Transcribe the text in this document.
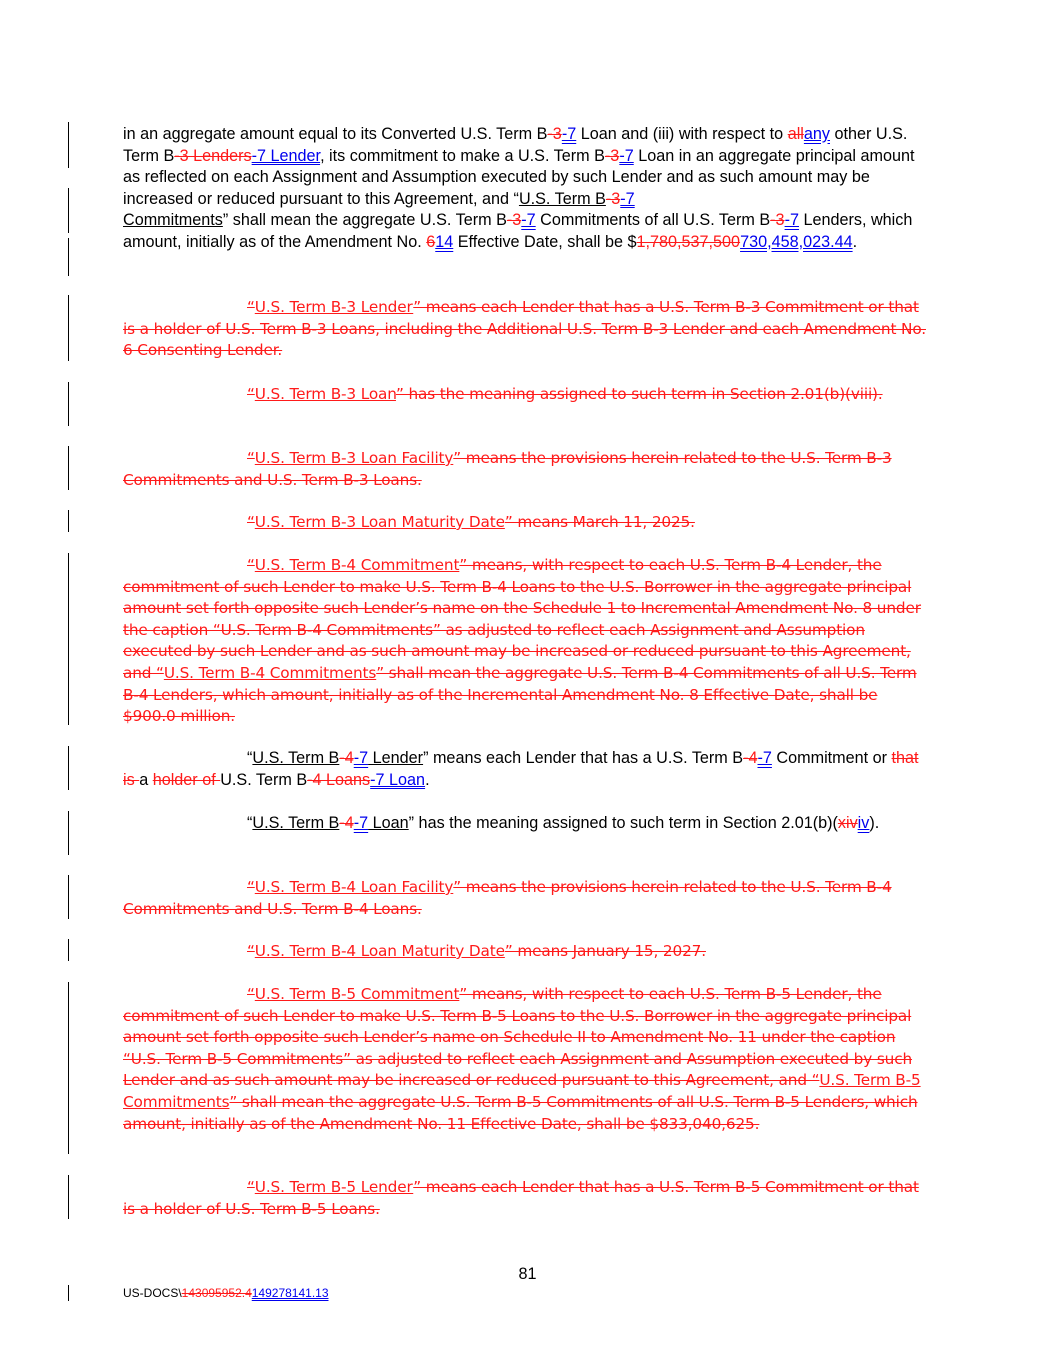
in an aggregate amount equal to its Converted U.S. Term B-3-7 Loan and (iii) with respect to allany other U.S. Term B-3 Lenders-7 Lender, its commitment to make a U.S. Term B-3-7 Loan in an aggregate principal amount as reflected on each Assignment and Assumption executed by such Lender and as such amount may be increased or reduced pursuant to this Agreement, and “U.S. Term B-3-7
Commitments” shall mean the aggregate U.S. Term B-3-7 Commitments of all U.S. Term B-3-7 Lenders, which amount, initially as of the Amendment No. 614 Effective Date, shall be $1,780,537,500730,458,023.44.

“U.S. Term B-3 Lender” means each Lender that has a U.S. Term B-3 Commitment or that is a holder of U.S. Term B-3 Loans, including the Additional U.S. Term B-3 Lender and each Amendment No. 6 Consenting Lender.

“U.S. Term B-3 Loan” has the meaning assigned to such term in Section 2.01(b)(viii).

“U.S. Term B-3 Loan Facility” means the provisions herein related to the U.S. Term B-3 Commitments and U.S. Term B-3 Loans.

“U.S. Term B-3 Loan Maturity Date” means March 11, 2025.

“U.S. Term B-4 Commitment” means, with respect to each U.S. Term B-4 Lender, the commitment of such Lender to make U.S. Term B-4 Loans to the U.S. Borrower in the aggregate principal amount set forth opposite such Lender’s name on the Schedule 1 to Incremental Amendment No. 8 under the caption “U.S. Term B-4 Commitments” as adjusted to reflect each Assignment and Assumption executed by such Lender and as such amount may be increased or reduced pursuant to this Agreement, and “U.S. Term B-4 Commitments” shall mean the aggregate U.S. Term B-4 Commitments of all U.S. Term B-4 Lenders, which amount, initially as of the Incremental Amendment No. 8 Effective Date, shall be $900.0 million.

“U.S. Term B-4-7 Lender” means each Lender that has a U.S. Term B-4-7 Commitment or that is a holder of U.S. Term B-4 Loans-7 Loan.

“U.S. Term B-4-7 Loan” has the meaning assigned to such term in Section 2.01(b)(xiviv).

“U.S. Term B-4 Loan Facility” means the provisions herein related to the U.S. Term B-4 Commitments and U.S. Term B-4 Loans.

“U.S. Term B-4 Loan Maturity Date” means January 15, 2027.

“U.S. Term B-5 Commitment” means, with respect to each U.S. Term B-5 Lender, the commitment of such Lender to make U.S. Term B-5 Loans to the U.S. Borrower in the aggregate principal amount set forth opposite such Lender’s name on Schedule II to Amendment No. 11 under the caption “U.S. Term B-5 Commitments” as adjusted to reflect each Assignment and Assumption executed by such Lender and as such amount may be increased or reduced pursuant to this Agreement, and “U.S. Term B-5 Commitments” shall mean the aggregate U.S. Term B-5 Commitments of all U.S. Term B-5 Lenders, which amount, initially as of the Amendment No. 11 Effective Date, shall be $833,040,625.

“U.S. Term B-5 Lender” means each Lender that has a U.S. Term B-5 Commitment or that is a holder of U.S. Term B-5 Loans.

81
US-DOCS\143095952.4149278141.13
